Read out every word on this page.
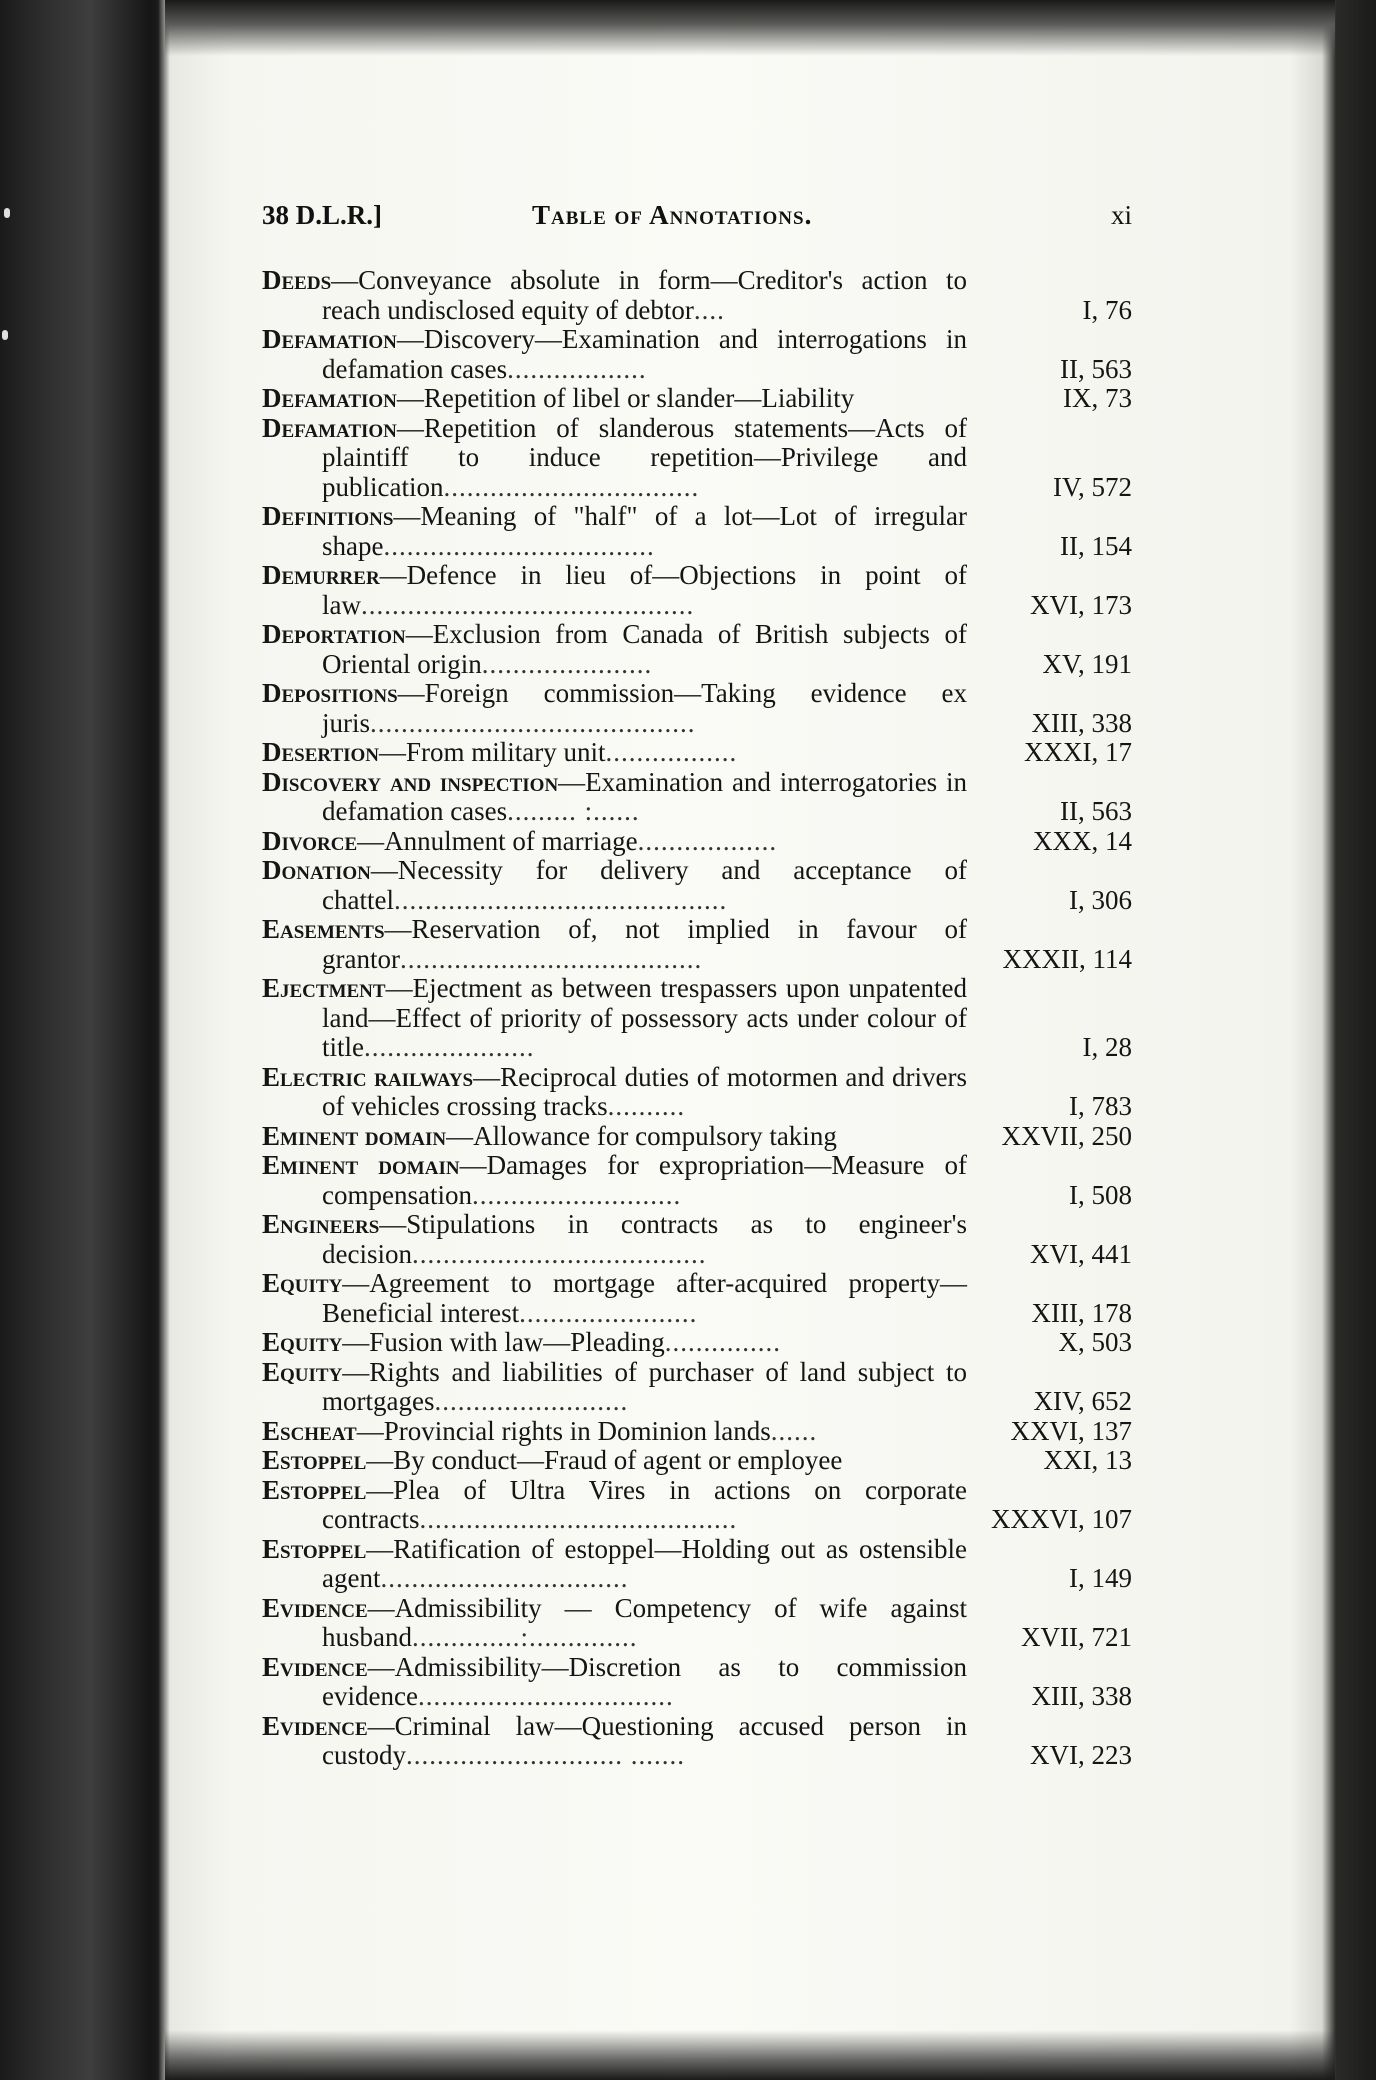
38 D.L.R.]	Table of Annotations.	xi
Deeds—Conveyance absolute in form—Creditor's action to reach undisclosed equity of debtor....	I, 76
Defamation—Discovery—Examination and interrogations in defamation cases..................	II, 563
Defamation—Repetition of libel or slander—Liability	IX, 73
Defamation—Repetition of slanderous statements—Acts of plaintiff to induce repetition—Privilege and publication.................................	IV, 572
Definitions—Meaning of "half" of a lot—Lot of irregular shape...................................	II, 154
Demurrer—Defence in lieu of—Objections in point of law...........................................	XVI, 173
Deportation—Exclusion from Canada of British subjects of Oriental origin......................	XV, 191
Depositions—Foreign commission—Taking evidence ex juris..........................................	XIII, 338
Desertion—From military unit.................	XXXI, 17
Discovery and inspection—Examination and interrogatories in defamation cases......... :......	II, 563
Divorce—Annulment of marriage..................	XXX, 14
Donation—Necessity for delivery and acceptance of chattel...........................................	I, 306
Easements—Reservation of, not implied in favour of grantor.......................................	XXXII, 114
Ejectment—Ejectment as between trespassers upon unpatented land—Effect of priority of possessory acts under colour of title......................	I, 28
Electric railways—Reciprocal duties of motormen and drivers of vehicles crossing tracks..........	I, 783
Eminent domain—Allowance for compulsory taking	XXVII, 250
Eminent domain—Damages for expropriation—Measure of compensation...........................	I, 508
Engineers—Stipulations in contracts as to engineer's decision......................................	XVI, 441
Equity—Agreement to mortgage after-acquired property—Beneficial interest.......................	XIII, 178
Equity—Fusion with law—Pleading...............	X, 503
Equity—Rights and liabilities of purchaser of land subject to mortgages.........................	XIV, 652
Escheat—Provincial rights in Dominion lands......	XXVI, 137
Estoppel—By conduct—Fraud of agent or employee	XXI, 13
Estoppel—Plea of Ultra Vires in actions on corporate contracts.........................................	XXXVI, 107
Estoppel—Ratification of estoppel—Holding out as ostensible agent................................	I, 149
Evidence—Admissibility — Competency of wife against husband..............:..............	XVII, 721
Evidence—Admissibility—Discretion as to commission evidence.................................	XIII, 338
Evidence—Criminal law—Questioning accused person in custody............................ .......	XVI, 223
